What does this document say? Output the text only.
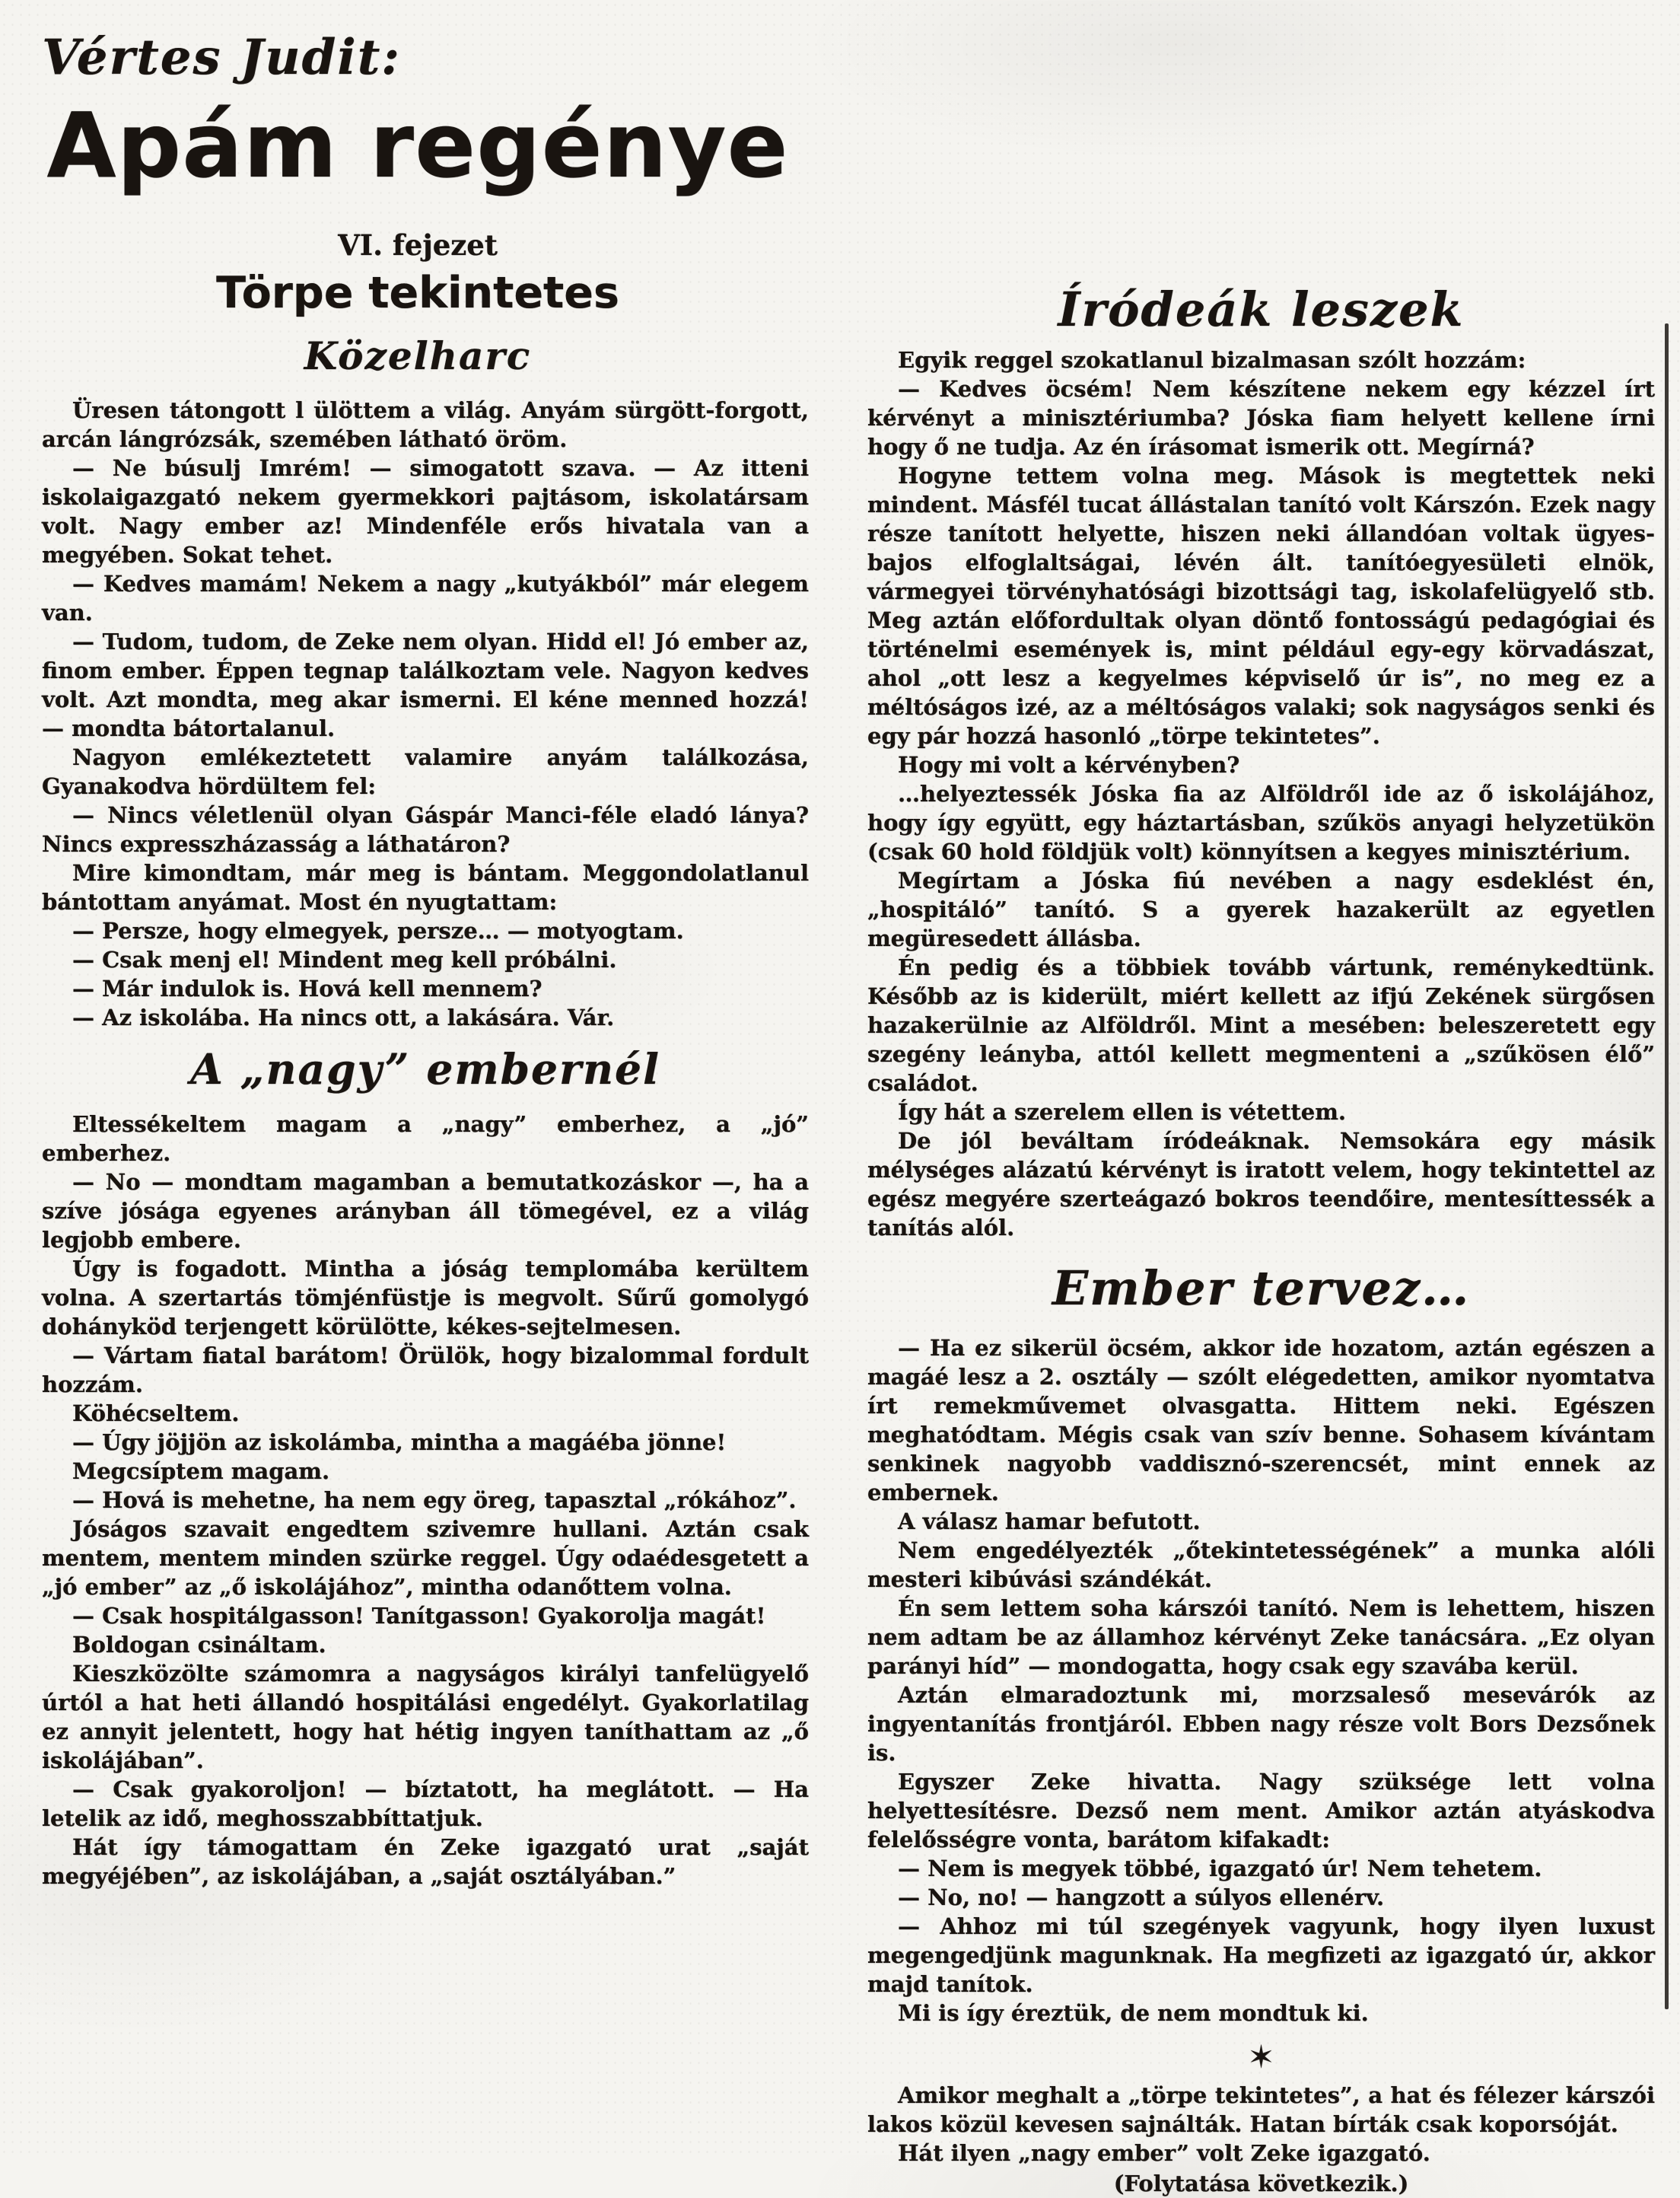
Vértes Judit:
Apám regénye
VI. fejezet
Törpe tekintetes
Közelharc

Üresen tátongott l ülöttem a világ. Anyám sürgött-forgott, arcán lángrózsák, szemében látható öröm.

— Ne búsulj Imrém! — simogatott szava. — Az itteni iskolaigazgató nekem gyermekkori pajtásom, iskolatársam volt. Nagy ember az! Mindenféle erős hivatala van a megyében. Sokat tehet.

— Kedves mamám! Nekem a nagy „kutyákból” már elegem van.

— Tudom, tudom, de Zeke nem olyan. Hidd el! Jó ember az, finom ember. Éppen tegnap találkoztam vele. Nagyon kedves volt. Azt mondta, meg akar ismerni. El kéne menned hozzá! — mondta bátortalanul.

Nagyon emlékeztetett valamire anyám találkozása, Gyanakodva hördültem fel:

— Nincs véletlenül olyan Gáspár Manci-féle eladó lánya? Nincs expresszházasság a láthatáron?

Mire kimondtam, már meg is bántam. Meggondolatlanul bántottam anyámat. Most én nyugtattam:

— Persze, hogy elmegyek, persze… — motyogtam.

— Csak menj el! Mindent meg kell próbálni.

— Már indulok is. Hová kell mennem?

— Az iskolába. Ha nincs ott, a lakására. Vár.

A „nagy” embernél

Eltessékeltem magam a „nagy” emberhez, a „jó” emberhez.

— No — mondtam magamban a bemutatkozáskor —, ha a szíve jósága egyenes arányban áll tömegével, ez a világ legjobb embere.

Úgy is fogadott. Mintha a jóság templomába kerültem volna. A szertartás tömjénfüstje is megvolt. Sűrű gomolygó dohányköd terjengett körülötte, kékes-sejtelmesen.

— Vártam fiatal barátom! Örülök, hogy bizalommal fordult hozzám.

Köhécseltem.

— Úgy jöjjön az iskolámba, mintha a magáéba jönne!

Megcsíptem magam.

— Hová is mehetne, ha nem egy öreg, tapasztal „rókához”.

Jóságos szavait engedtem szivemre hullani. Aztán csak mentem, mentem minden szürke reggel. Úgy odaédesgetett a „jó ember” az „ő iskolájához”, mintha odanőttem volna.

— Csak hospitálgasson! Tanítgasson! Gyakorolja magát!

Boldogan csináltam.

Kieszközölte számomra a nagyságos királyi tanfelügyelő úrtól a hat heti állandó hospitálási engedélyt. Gyakorlatilag ez annyit jelentett, hogy hat hétig ingyen taníthattam az „ő iskolájában”.

— Csak gyakoroljon! — bíztatott, ha meglátott. — Ha letelik az idő, meghosszabbíttatjuk.

Hát így támogattam én Zeke igazgató urat „saját megyéjében”, az iskolájában, a „saját osztályában.”

Íródeák leszek

Egyik reggel szokatlanul bizalmasan szólt hozzám:

— Kedves öcsém! Nem készítene nekem egy kézzel írt kérvényt a minisztériumba? Jóska fiam helyett kellene írni hogy ő ne tudja. Az én írásomat ismerik ott. Megírná?

Hogyne tettem volna meg. Mások is megtettek neki mindent. Másfél tucat állástalan tanító volt Kárszón. Ezek nagy része tanított helyette, hiszen neki állandóan voltak ügyes-bajos elfoglaltságai, lévén ált. tanítóegyesületi elnök, vármegyei törvényhatósági bizottsági tag, iskolafelügyelő stb. Meg aztán előfordultak olyan döntő fontosságú pedagógiai és történelmi események is, mint például egy-egy körvadászat, ahol „ott lesz a kegyelmes képviselő úr is”, no meg ez a méltóságos izé, az a méltóságos valaki; sok nagyságos senki és egy pár hozzá hasonló „törpe tekintetes”.

Hogy mi volt a kérvényben?

…helyeztessék Jóska fia az Alföldről ide az ő iskolájához, hogy így együtt, egy háztartásban, szűkös anyagi helyzetükön (csak 60 hold földjük volt) könnyítsen a kegyes minisztérium.

Megírtam a Jóska fiú nevében a nagy esdeklést én, „hospitáló” tanító. S a gyerek hazakerült az egyetlen megüresedett állásba.

Én pedig és a többiek tovább vártunk, reménykedtünk. Később az is kiderült, miért kellett az ifjú Zekének sürgősen hazakerülnie az Alföldről. Mint a mesében: beleszeretett egy szegény leányba, attól kellett megmenteni a „szűkösen élő” családot.

Így hát a szerelem ellen is vétettem.

De jól beváltam íródeáknak. Nemsokára egy másik mélységes alázatú kérvényt is iratott velem, hogy tekintettel az egész megyére szerteágazó bokros teendőire, mentesíttessék a tanítás alól.

Ember tervez…

— Ha ez sikerül öcsém, akkor ide hozatom, aztán egészen a magáé lesz a 2. osztály — szólt elégedetten, amikor nyomtatva írt remekművemet olvasgatta. Hittem neki. Egészen meghatódtam. Mégis csak van szív benne. Sohasem kívántam senkinek nagyobb vaddisznó-szerencsét, mint ennek az embernek.

A válasz hamar befutott.

Nem engedélyezték „őtekintetességének” a munka alóli mesteri kibúvási szándékát.

Én sem lettem soha kárszói tanító. Nem is lehettem, hiszen nem adtam be az államhoz kérvényt Zeke tanácsára. „Ez olyan parányi híd” — mondogatta, hogy csak egy szavába kerül.

Aztán elmaradoztunk mi, morzsaleső mesevárók az ingyentanítás frontjáról. Ebben nagy része volt Bors Dezsőnek is.

Egyszer Zeke hivatta. Nagy szüksége lett volna helyettesítésre. Dezső nem ment. Amikor aztán atyáskodva felelősségre vonta, barátom kifakadt:

— Nem is megyek többé, igazgató úr! Nem tehetem.

— No, no! — hangzott a súlyos ellenérv.

— Ahhoz mi túl szegények vagyunk, hogy ilyen luxust megengedjünk magunknak. Ha megfizeti az igazgató úr, akkor majd tanítok.

Mi is így éreztük, de nem mondtuk ki.

✶

Amikor meghalt a „törpe tekintetes”, a hat és félezer kárszói lakos közül kevesen sajnálták. Hatan bírták csak koporsóját.

Hát ilyen „nagy ember” volt Zeke igazgató.

(Folytatása következik.)
